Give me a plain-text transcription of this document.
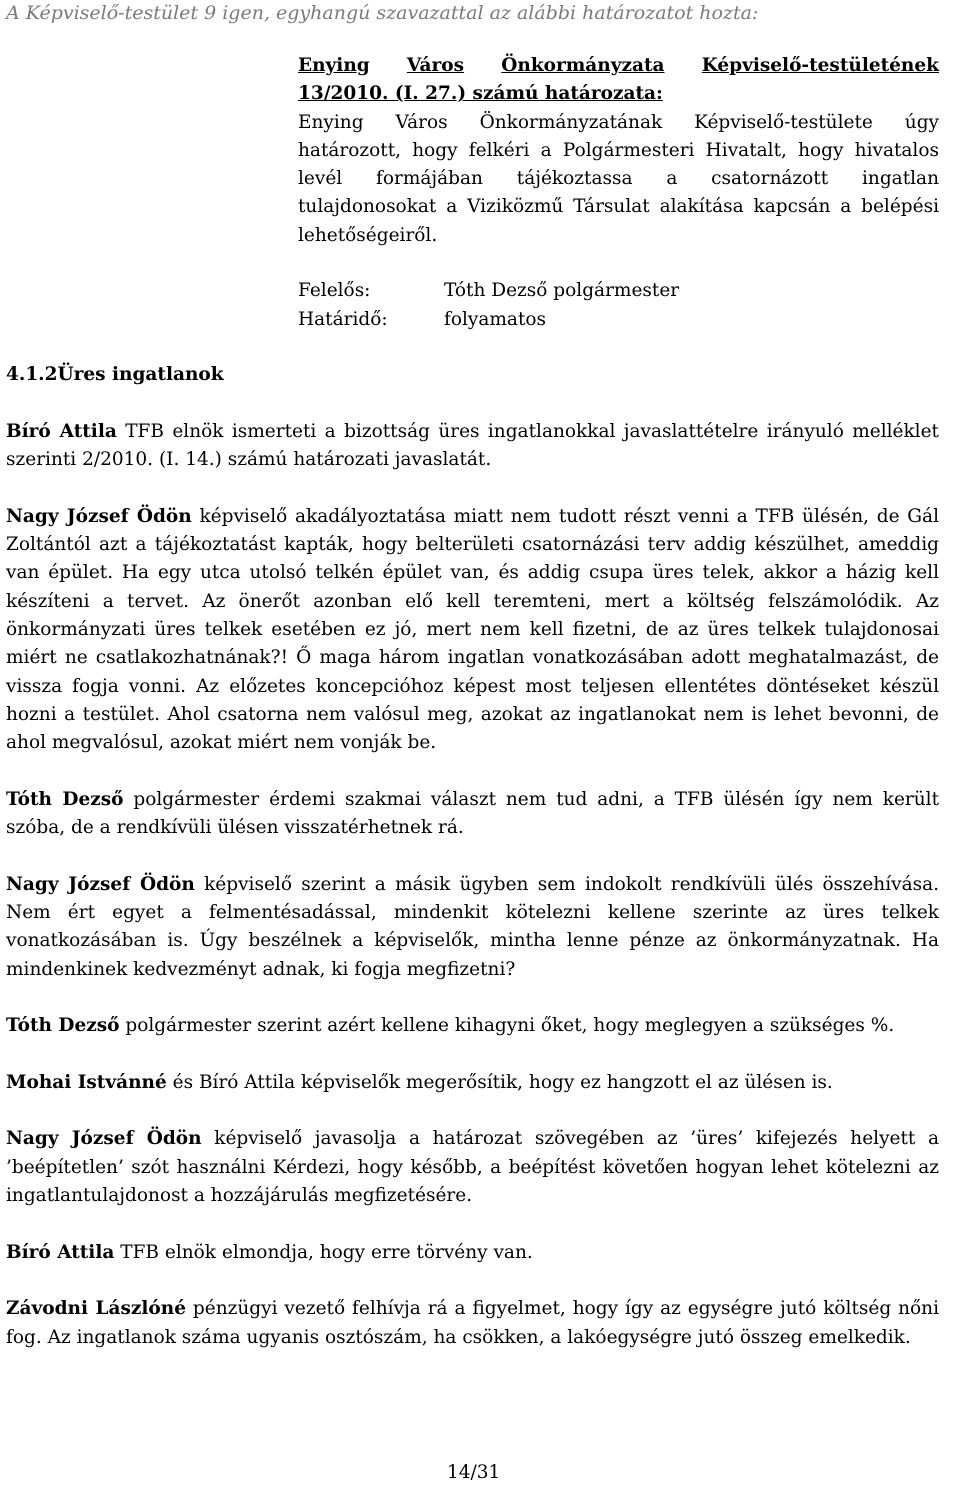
A Képviselő-testület 9 igen, egyhangú szavazattal az alábbi határozatot hozta:

Enying Város Önkormányzata Képviselő-testületének
13/2010. (I. 27.) számú határozata:
Enying Város Önkormányzatának Képviselő-testülete úgy határozott, hogy felkéri a Polgármesteri Hivatalt, hogy hivatalos levél formájában tájékoztassa a csatornázott ingatlan tulajdonosokat a Viziközmű Társulat alakítása kapcsán a belépési lehetőségeiről.
Felelős:	Tóth Dezső polgármester
Határidő:	folyamatos
4.1.2Üres ingatlanok

Bíró Attila TFB elnök ismerteti a bizottság üres ingatlanokkal javaslattételre irányuló melléklet szerinti 2/2010. (I. 14.) számú határozati javaslatát.

Nagy József Ödön képviselő akadályoztatása miatt nem tudott részt venni a TFB ülésén, de Gál Zoltántól azt a tájékoztatást kapták, hogy belterületi csatornázási terv addig készülhet, ameddig van épület. Ha egy utca utolsó telkén épület van, és addig csupa üres telek, akkor a házig kell készíteni a tervet. Az önerőt azonban elő kell teremteni, mert a költség felszámolódik. Az önkormányzati üres telkek esetében ez jó, mert nem kell fizetni, de az üres telkek tulajdonosai miért ne csatlakozhatnának?! Ő maga három ingatlan vonatkozásában adott meghatalmazást, de vissza fogja vonni. Az előzetes koncepcióhoz képest most teljesen ellentétes döntéseket készül hozni a testület. Ahol csatorna nem valósul meg, azokat az ingatlanokat nem is lehet bevonni, de ahol megvalósul, azokat miért nem vonják be.

Tóth Dezső polgármester érdemi szakmai választ nem tud adni, a TFB ülésén így nem került szóba, de a rendkívüli ülésen visszatérhetnek rá.

Nagy József Ödön képviselő szerint a másik ügyben sem indokolt rendkívüli ülés összehívása. Nem ért egyet a felmentésadással, mindenkit kötelezni kellene szerinte az üres telkek vonatkozásában is. Úgy beszélnek a képviselők, mintha lenne pénze az önkormányzatnak. Ha mindenkinek kedvezményt adnak, ki fogja megfizetni?

Tóth Dezső polgármester szerint azért kellene kihagyni őket, hogy meglegyen a szükséges %.

Mohai Istvánné és Bíró Attila képviselők megerősítik, hogy ez hangzott el az ülésen is.

Nagy József Ödön képviselő javasolja a határozat szövegében az ’üres’ kifejezés helyett a ’beépítetlen’ szót használni Kérdezi, hogy később, a beépítést követően hogyan lehet kötelezni az ingatlantulajdonost a hozzájárulás megfizetésére.

Bíró Attila TFB elnök elmondja, hogy erre törvény van.

Závodni Lászlóné pénzügyi vezető felhívja rá a figyelmet, hogy így az egységre jutó költség nőni fog. Az ingatlanok száma ugyanis osztószám, ha csökken, a lakóegységre jutó összeg emelkedik.

14/31
